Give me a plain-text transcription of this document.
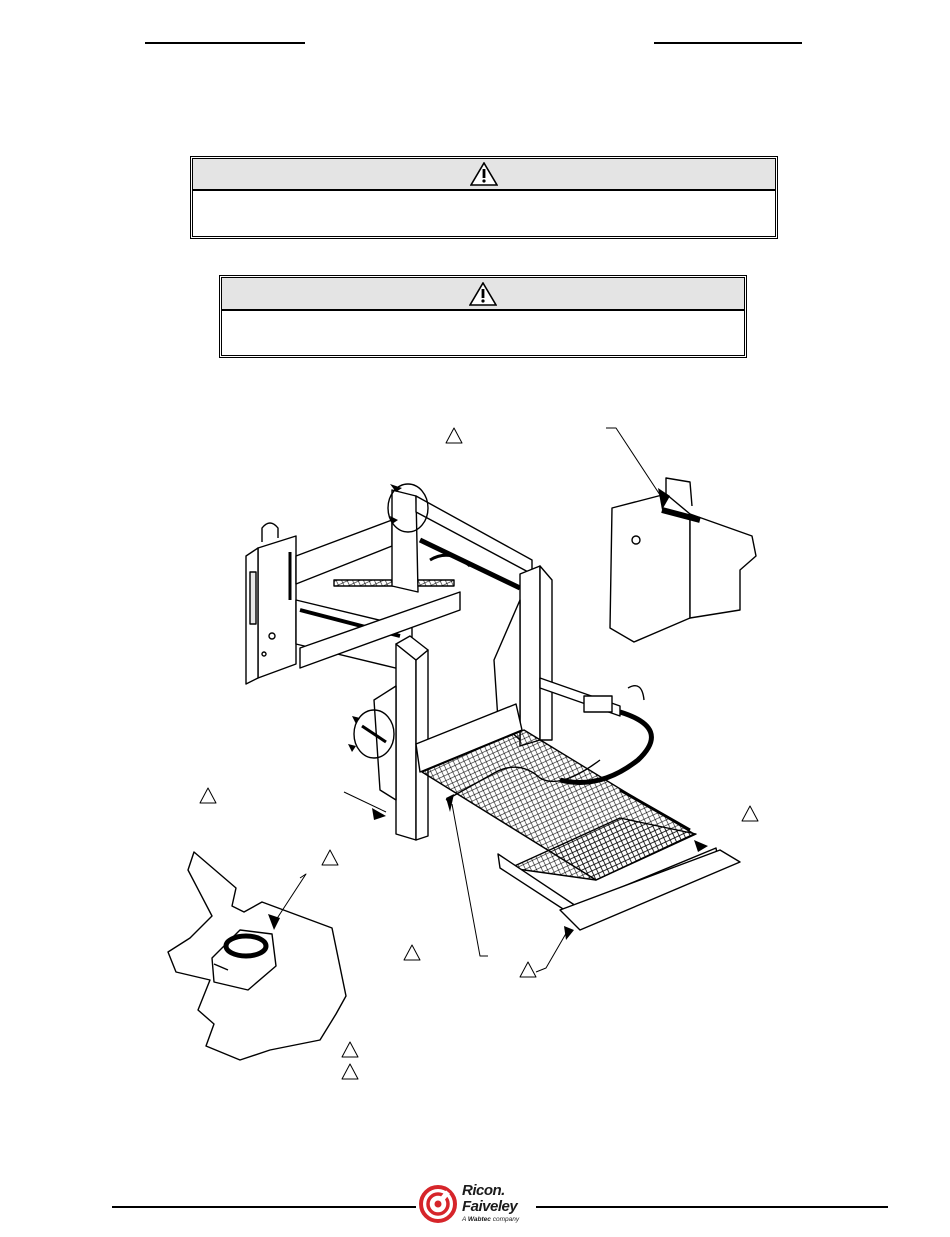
Ricon.
Faiveley
A Wabtec company
